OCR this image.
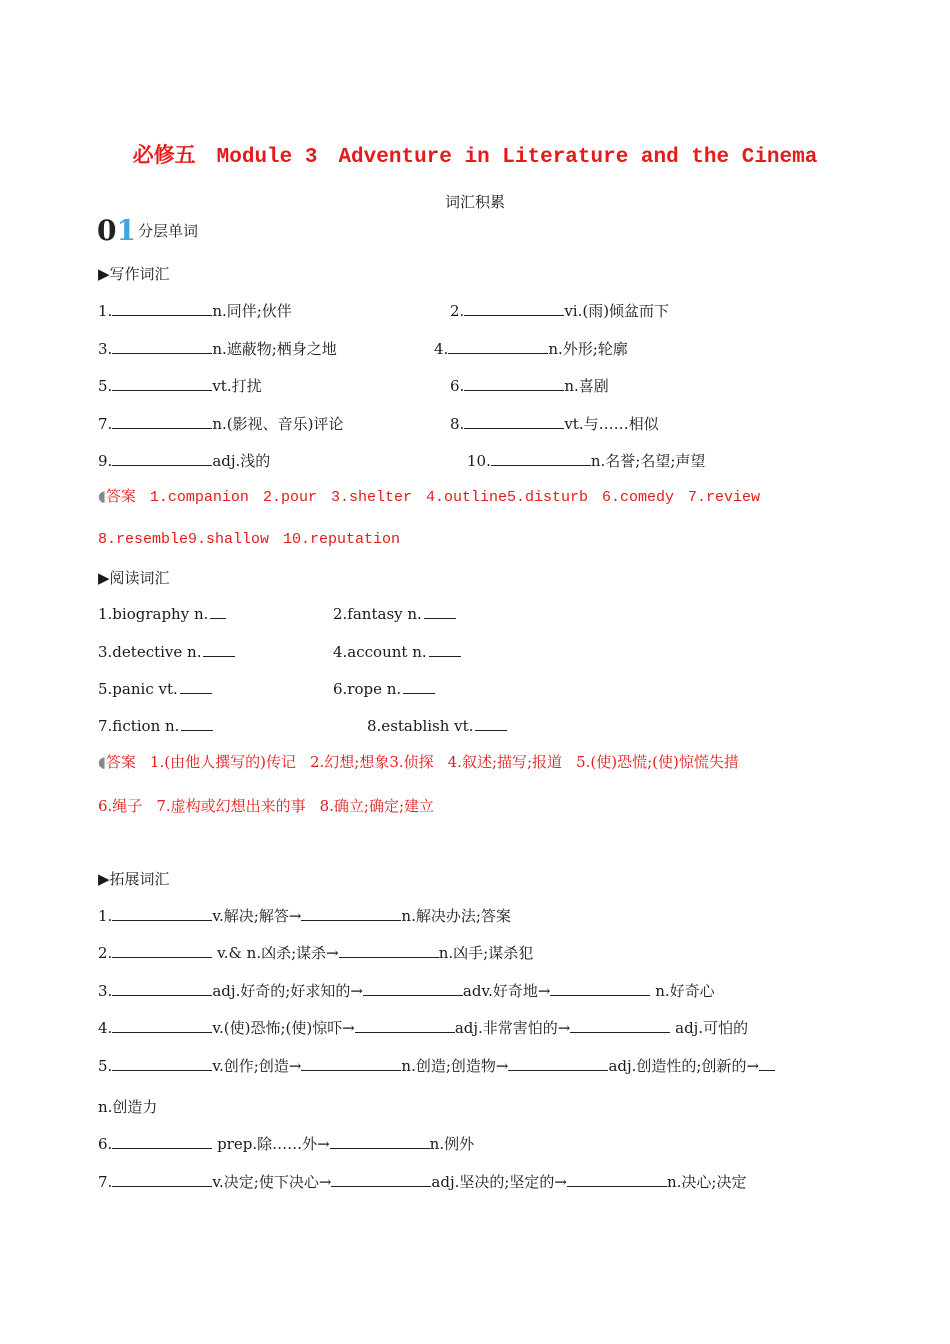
必修五　Module 3　Adventure in Literature and the Cinema
词汇积累
01 分层单词
▶写作词汇
1.	n.同伴;伙伴	2.	vi.(雨)倾盆而下
3.	n.遮蔽物;栖身之地	4.	n.外形;轮廓
5.	vt.打扰	6.	n.喜剧
7.	n.(影视、音乐)评论	8.	vt.与……相似
9.	adj.浅的	10.	n.名誉;名望;声望
◖答案 1.companion 2.pour 3.shelter 4.outline5.disturb 6.comedy 7.review
8.resemble9.shallow 10.reputation
▶阅读词汇
1.biography n.	2.fantasy n.
3.detective n.	4.account n.
5.panic vt.	6.rope n.
7.fiction n.	8.establish vt.
◖答案 1.(由他人撰写的)传记 2.幻想;想象3.侦探 4.叙述;描写;报道 5.(使)恐慌;(使)惊慌失措
6.绳子 7.虚构或幻想出来的事 8.确立;确定;建立
▶拓展词汇
1.	v.解决;解答→	n.解决办法;答案
2.	v.& n.凶杀;谋杀→	n.凶手;谋杀犯
3.	adj.好奇的;好求知的→	adv.好奇地→	n.好奇心
4.	v.(使)恐怖;(使)惊吓→	adj.非常害怕的→	adj.可怕的
5.	v.创作;创造→	n.创造;创造物→	adj.创造性的;创新的→
n.创造力
6.	prep.除……外→	n.例外
7.	v.决定;使下决心→	adj.坚决的;坚定的→	n.决心;决定
